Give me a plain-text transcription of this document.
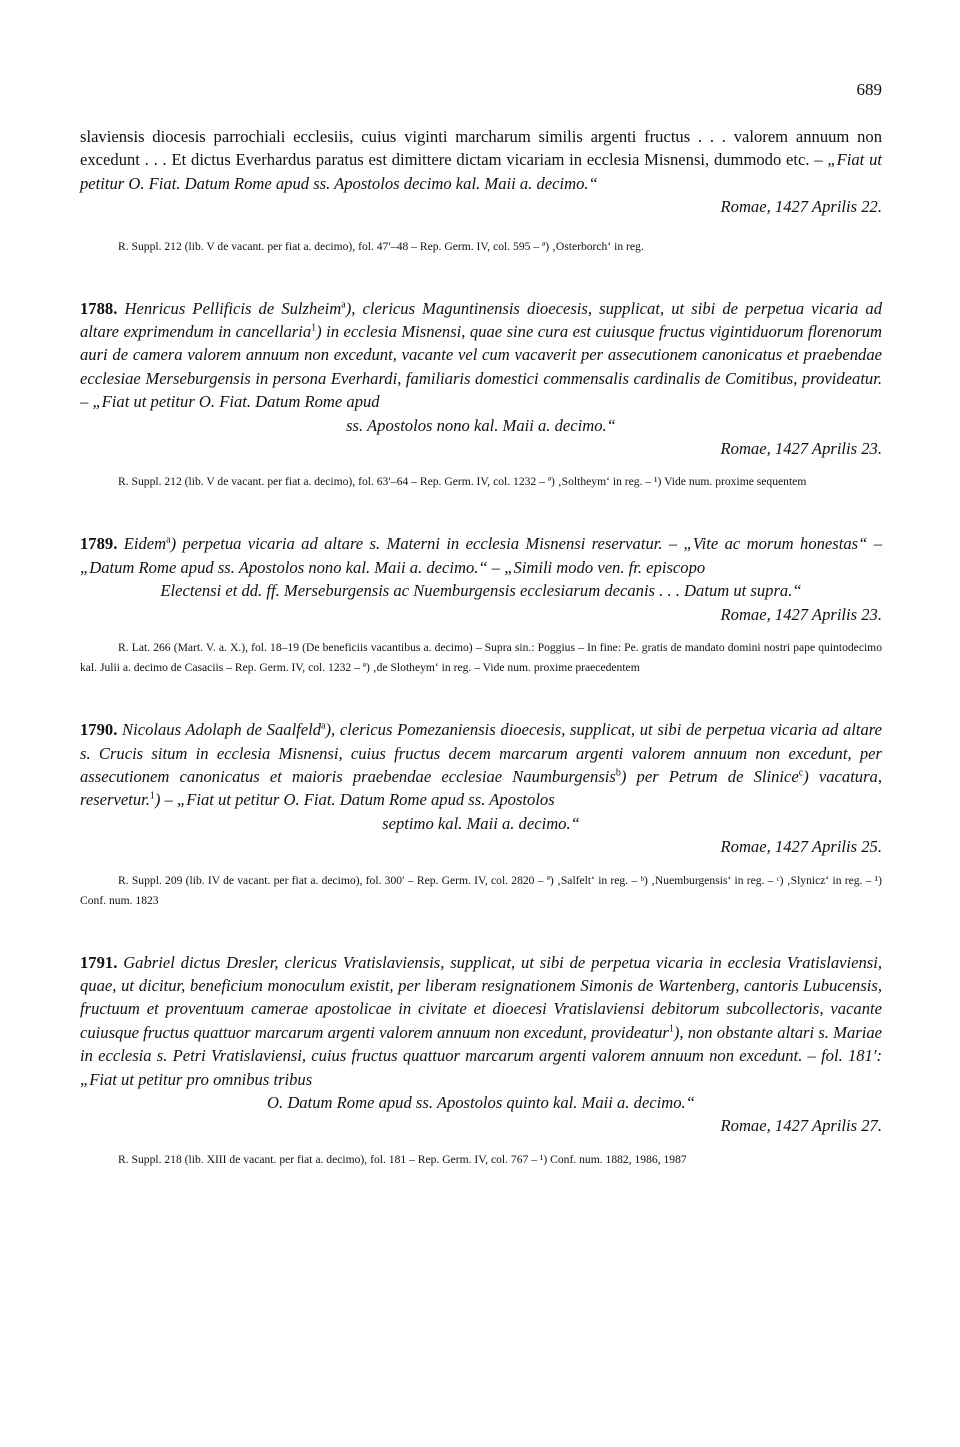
689

slaviensis diocesis parrochiali ecclesiis, cuius viginti marcharum similis argenti fructus . . . valorem annuum non excedunt . . . Et dictus Everhardus paratus est dimittere dictam vicariam in ecclesia Misnensi, dummodo etc. – „Fiat ut petitur O. Fiat. Datum Rome apud ss. Apostolos decimo kal. Maii a. decimo.“

Romae, 1427 Aprilis 22.

R. Suppl. 212 (lib. V de vacant. per fiat a. decimo), fol. 47′–48 – Rep. Germ. IV, col. 595 – ª) ‚Osterborch‘ in reg.

1788. Henricus Pellificis de Sulzheim$^a$), clericus Maguntinensis dioecesis, supplicat, ut sibi de perpetua vicaria ad altare exprimendum in cancellaria$^1$) in ecclesia Misnensi, quae sine cura est cuiusque fructus vigintiduorum florenorum auri de camera valorem annuum non excedunt, vacante vel cum vacaverit per assecutionem canonicatus et praebendae ecclesiae Merseburgensis in persona Everhardi, familiaris domestici commensalis cardinalis de Comitibus, provideatur. – „Fiat ut petitur O. Fiat. Datum Rome apud

ss. Apostolos nono kal. Maii a. decimo.“

Romae, 1427 Aprilis 23.

R. Suppl. 212 (lib. V de vacant. per fiat a. decimo), fol. 63′–64 – Rep. Germ. IV, col. 1232 – ª) ‚Soltheym‘ in reg. – ¹) Vide num. proxime sequentem

1789. Eidem$^a$) perpetua vicaria ad altare s. Materni in ecclesia Misnensi reservatur. – „Vite ac morum honestas“ – „Datum Rome apud ss. Apostolos nono kal. Maii a. decimo.“ – „Simili modo ven. fr. episcopo

Electensi et dd. ff. Merseburgensis ac Nuemburgensis ecclesiarum decanis . . . Datum ut supra.“

Romae, 1427 Aprilis 23.

R. Lat. 266 (Mart. V. a. X.), fol. 18–19 (De beneficiis vacantibus a. decimo) – Supra sin.: Poggius – In fine: Pe. gratis de mandato domini nostri pape quintodecimo kal. Julii a. decimo de Casaciis – Rep. Germ. IV, col. 1232 – ª) ‚de Slotheym‘ in reg. – Vide num. proxime praecedentem

1790. Nicolaus Adolaph de Saalfeld$^a$), clericus Pomezaniensis dioecesis, supplicat, ut sibi de perpetua vicaria ad altare s. Crucis situm in ecclesia Misnensi, cuius fructus decem marcarum argenti valorem annuum non excedunt, per assecutionem canonicatus et maioris praebendae ecclesiae Naumburgensis$^b$) per Petrum de Slinice$^c$) vacatura, reservetur.$^1$) – „Fiat ut petitur O. Fiat. Datum Rome apud ss. Apostolos

septimo kal. Maii a. decimo.“

Romae, 1427 Aprilis 25.

R. Suppl. 209 (lib. IV de vacant. per fiat a. decimo), fol. 300′ – Rep. Germ. IV, col. 2820 – ª) ‚Salfelt‘ in reg. – ᵇ) ‚Nuemburgensis‘ in reg. – ᶜ) ‚Slynicz‘ in reg. – ¹) Conf. num. 1823

1791. Gabriel dictus Dresler, clericus Vratislaviensis, supplicat, ut sibi de perpetua vicaria in ecclesia Vratislaviensi, quae, ut dicitur, beneficium monoculum existit, per liberam resignationem Simonis de Wartenberg, cantoris Lubucensis, fructuum et proventuum camerae apostolicae in civitate et dioecesi Vratislaviensi debitorum subcollectoris, vacante cuiusque fructus quattuor marcarum argenti valorem annuum non excedunt, provideatur$^1$), non obstante altari s. Mariae in ecclesia s. Petri Vratislaviensi, cuius fructus quattuor marcarum argenti valorem annuum non excedunt. – fol. 181′: „Fiat ut petitur pro omnibus tribus

O. Datum Rome apud ss. Apostolos quinto kal. Maii a. decimo.“

Romae, 1427 Aprilis 27.

R. Suppl. 218 (lib. XIII de vacant. per fiat a. decimo), fol. 181 – Rep. Germ. IV, col. 767 – ¹) Conf. num. 1882, 1986, 1987
